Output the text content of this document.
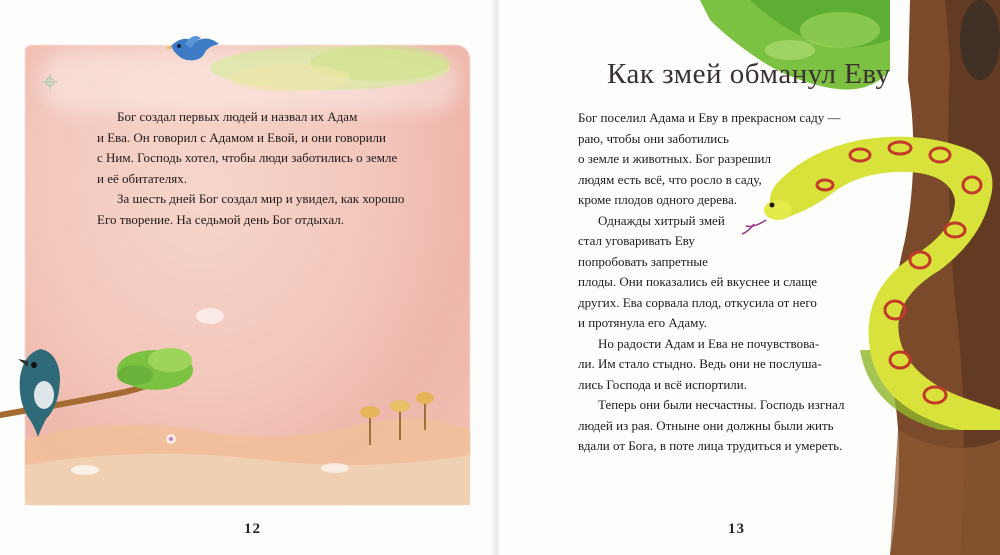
Бог создал первых людей и назвал их Адам
и Ева. Он говорил с Адамом и Евой, и они говорили
с Ним. Господь хотел, чтобы люди заботились о земле
и её обитателях.

За шесть дней Бог создал мир и увидел, как хорошо
Его творение. На седьмой день Бог отдыхал.

12
Как змей обманул Еву
Бог поселил Адама и Еву в прекрасном саду —
раю, чтобы они заботились
о земле и животных. Бог разрешил
людям есть всё, что росло в саду,
кроме плодов одного дерева.
Однажды хитрый змей
стал уговаривать Еву
попробовать запретные
плоды. Они показались ей вкуснее и слаще
других. Ева сорвала плод, откусила от него
и протянула его Адаму.
Но радости Адам и Ева не почувствова-
ли. Им стало стыдно. Ведь они не послуша-
лись Господа и всё испортили.
Теперь они были несчастны. Господь изгнал
людей из рая. Отныне они должны были жить
вдали от Бога, в поте лица трудиться и умереть.
13
